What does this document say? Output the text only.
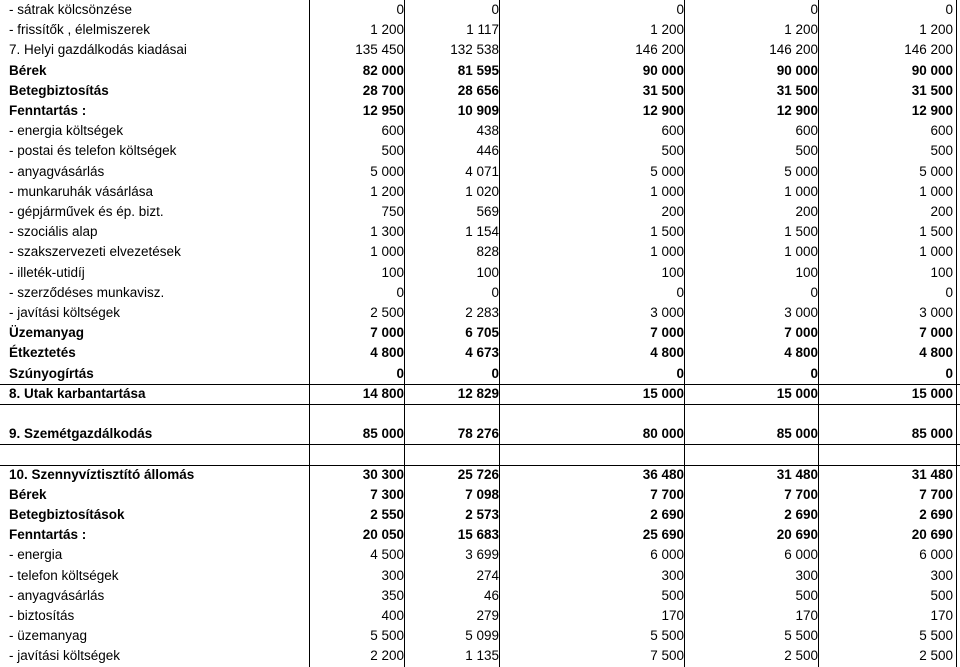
- sátrak kölcsönzése	0	0	0	0	0
- frissítők , élelmiszerek	1 200	1 117	1 200	1 200	1 200
7. Helyi gazdálkodás kiadásai	135 450	132 538	146 200	146 200	146 200
Bérek	82 000	81 595	90 000	90 000	90 000
Betegbiztosítás	28 700	28 656	31 500	31 500	31 500
Fenntartás :	12 950	10 909	12 900	12 900	12 900
- energia költségek	600	438	600	600	600
- postai és telefon költségek	500	446	500	500	500
- anyagvásárlás	5 000	4 071	5 000	5 000	5 000
- munkaruhák vásárlása	1 200	1 020	1 000	1 000	1 000
- gépjárművek és ép. bizt.	750	569	200	200	200
- szociális alap	1 300	1 154	1 500	1 500	1 500
- szakszervezeti elvezetések	1 000	828	1 000	1 000	1 000
- illeték-utidíj	100	100	100	100	100
- szerződéses munkavisz.	0	0	0	0	0
- javítási költségek	2 500	2 283	3 000	3 000	3 000
Üzemanyag	7 000	6 705	7 000	7 000	7 000
Étkeztetés	4 800	4 673	4 800	4 800	4 800
Szúnyogírtás	0	0	0	0	0
8. Utak karbantartása	14 800	12 829	15 000	15 000	15 000
9. Szemétgazdálkodás	85 000	78 276	80 000	85 000	85 000
10. Szennyvíztisztító állomás	30 300	25 726	36 480	31 480	31 480
Bérek	7 300	7 098	7 700	7 700	7 700
Betegbiztosítások	2 550	2 573	2 690	2 690	2 690
Fenntartás :	20 050	15 683	25 690	20 690	20 690
- energia	4 500	3 699	6 000	6 000	6 000
- telefon költségek	300	274	300	300	300
- anyagvásárlás	350	46	500	500	500
- biztosítás	400	279	170	170	170
- üzemanyag	5 500	5 099	5 500	5 500	5 500
- javítási költségek	2 200	1 135	7 500	2 500	2 500
